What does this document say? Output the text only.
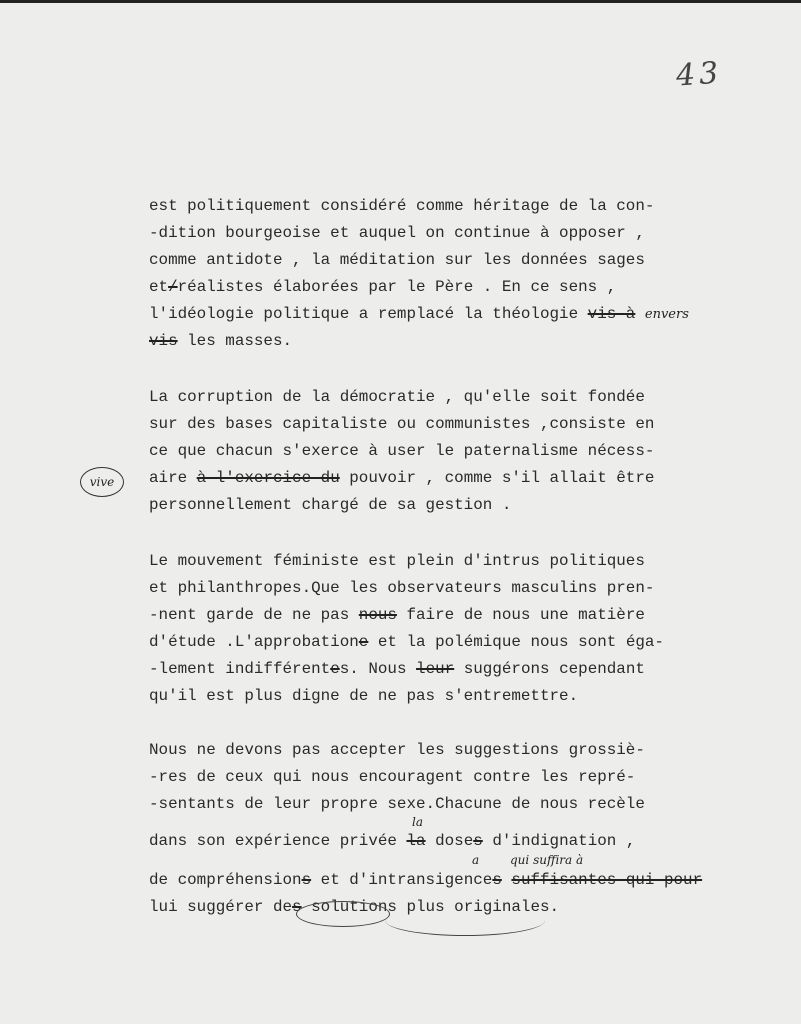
43
vive
est politiquement considéré comme héritage de la con-
-dition bourgeoise et auquel on continue à opposer ,
comme antidote , la méditation sur les données sages
et/réalistes élaborées par le Père . En ce sens ,
l'idéologie politique a remplacé la théologie vis à envers
vis les masses.
La corruption de la démocratie , qu'elle soit fondée
sur des bases capitaliste ou communistes ,consiste en
ce que chacun s'exerce à user le paternalisme nécess-
aire à l'exercice du pouvoir , comme s'il allait être
personnellement chargé de sa gestion .
Le mouvement féministe est plein d'intrus politiques
et philanthropes.Que les observateurs masculins pren-
-nent garde de ne pas nous faire de nous une matière
d'étude .L'approbatione et la polémique nous sont éga-
-lement indifférentes. Nous leur suggérons cependant
qu'il est plus digne de ne pas s'entremettre.
Nous ne devons pas accepter les suggestions grossiè-
-res de ceux qui nous encouragent contre les repré-
-sentants de leur propre sexe.Chacune de nous recèle
dans son expérience privée la doses d'indignation ,
de compréhensions et d'intransigences suffisantes qui pour
lui suggérer des solutions plus originales.
la
a	qui suffira à
